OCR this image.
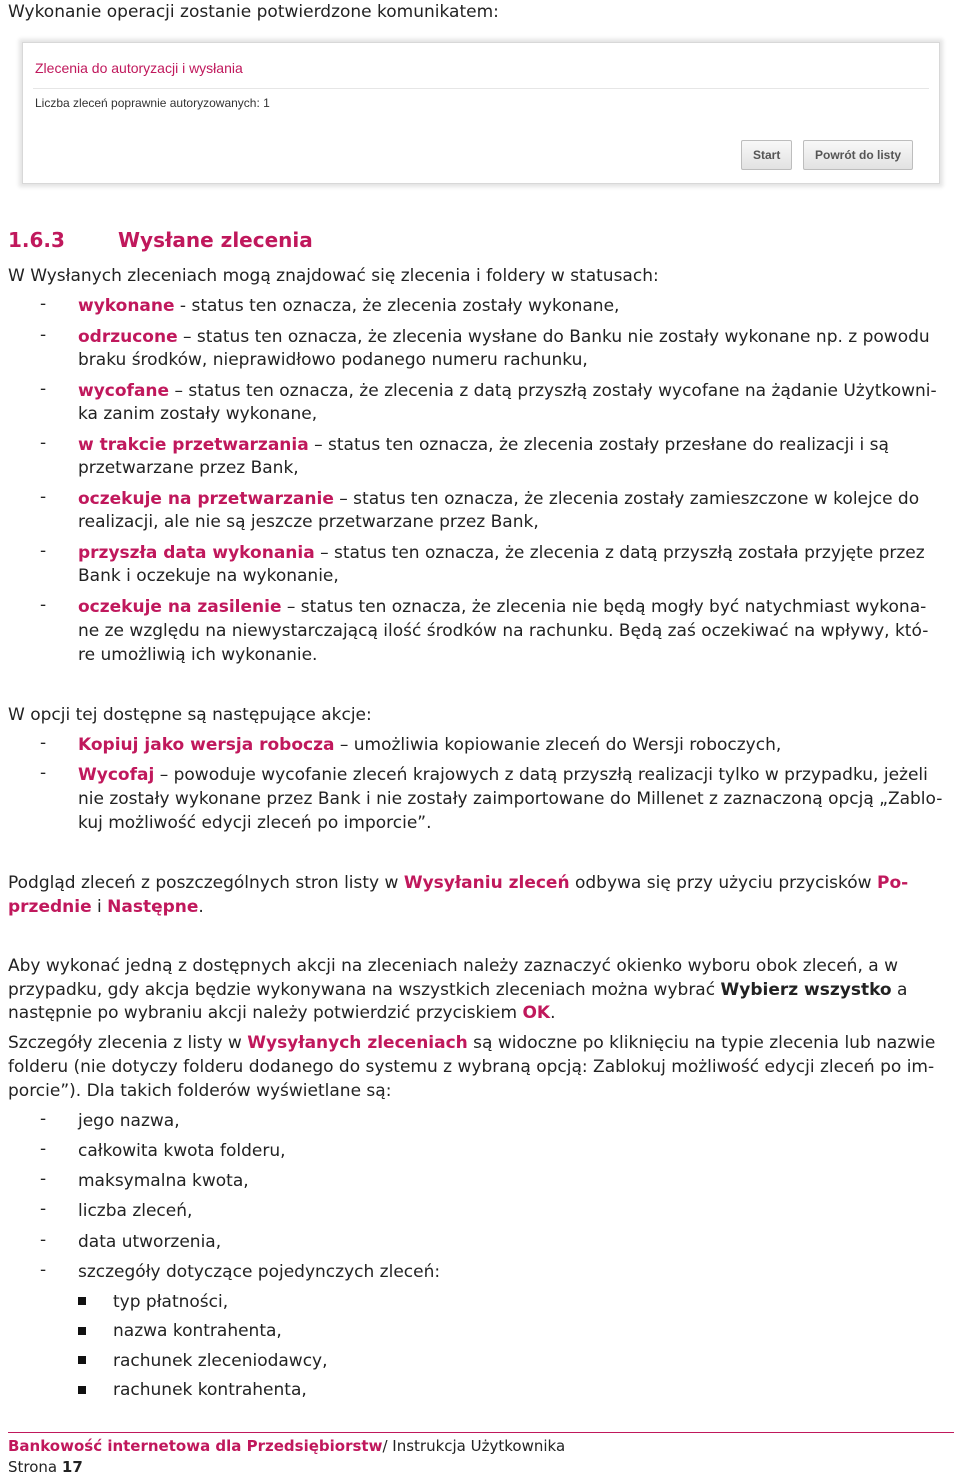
Wykonanie operacji zostanie potwierdzone komunikatem:
Zlecenia do autoryzacji i wysłania
Liczba zleceń poprawnie autoryzowanych: 1
Start	Powrót do listy
1.6.3	Wysłane zlecenia
W Wysłanych zleceniach mogą znajdować się zlecenia i foldery w statusach:
- wykonane - status ten oznacza, że zlecenia zostały wykonane,
- odrzucone – status ten oznacza, że zlecenia wysłane do Banku nie zostały wykonane np. z powodu
braku środków, nieprawidłowo podanego numeru rachunku,
- wycofane – status ten oznacza, że zlecenia z datą przyszłą zostały wycofane na żądanie Użytkowni-
ka zanim zostały wykonane,
- w trakcie przetwarzania – status ten oznacza, że zlecenia zostały przesłane do realizacji i są
przetwarzane przez Bank,
- oczekuje na przetwarzanie – status ten oznacza, że zlecenia zostały zamieszczone w kolejce do
realizacji, ale nie są jeszcze przetwarzane przez Bank,
- przyszła data wykonania – status ten oznacza, że zlecenia z datą przyszłą została przyjęte przez
Bank i oczekuje na wykonanie,
- oczekuje na zasilenie – status ten oznacza, że zlecenia nie będą mogły być natychmiast wykona-
ne ze względu na niewystarczającą ilość środków na rachunku. Będą zaś oczekiwać na wpływy, któ-
re umożliwią ich wykonanie.
W opcji tej dostępne są następujące akcje:
- Kopiuj jako wersja robocza – umożliwia kopiowanie zleceń do Wersji roboczych,
- Wycofaj – powoduje wycofanie zleceń krajowych z datą przyszłą realizacji tylko w przypadku, jeżeli
nie zostały wykonane przez Bank i nie zostały zaimportowane do Millenet z zaznaczoną opcją „Zablo-
kuj możliwość edycji zleceń po imporcie”.
Podgląd zleceń z poszczególnych stron listy w Wysyłaniu zleceń odbywa się przy użyciu przycisków Po-
przednie i Następne.
Aby wykonać jedną z dostępnych akcji na zleceniach należy zaznaczyć okienko wyboru obok zleceń, a w
przypadku, gdy akcja będzie wykonywana na wszystkich zleceniach można wybrać Wybierz wszystko a
następnie po wybraniu akcji należy potwierdzić przyciskiem OK.
Szczegóły zlecenia z listy w Wysyłanych zleceniach są widoczne po kliknięciu na typie zlecenia lub nazwie
folderu (nie dotyczy folderu dodanego do systemu z wybraną opcją: Zablokuj możliwość edycji zleceń po im-
porcie”). Dla takich folderów wyświetlane są:
- jego nazwa,
- całkowita kwota folderu,
- maksymalna kwota,
- liczba zleceń,
- data utworzenia,
- szczegóły dotyczące pojedynczych zleceń:
typ płatności,
nazwa kontrahenta,
rachunek zleceniodawcy,
rachunek kontrahenta,
Bankowość internetowa dla Przedsiębiorstw/ Instrukcja Użytkownika
Strona 17
